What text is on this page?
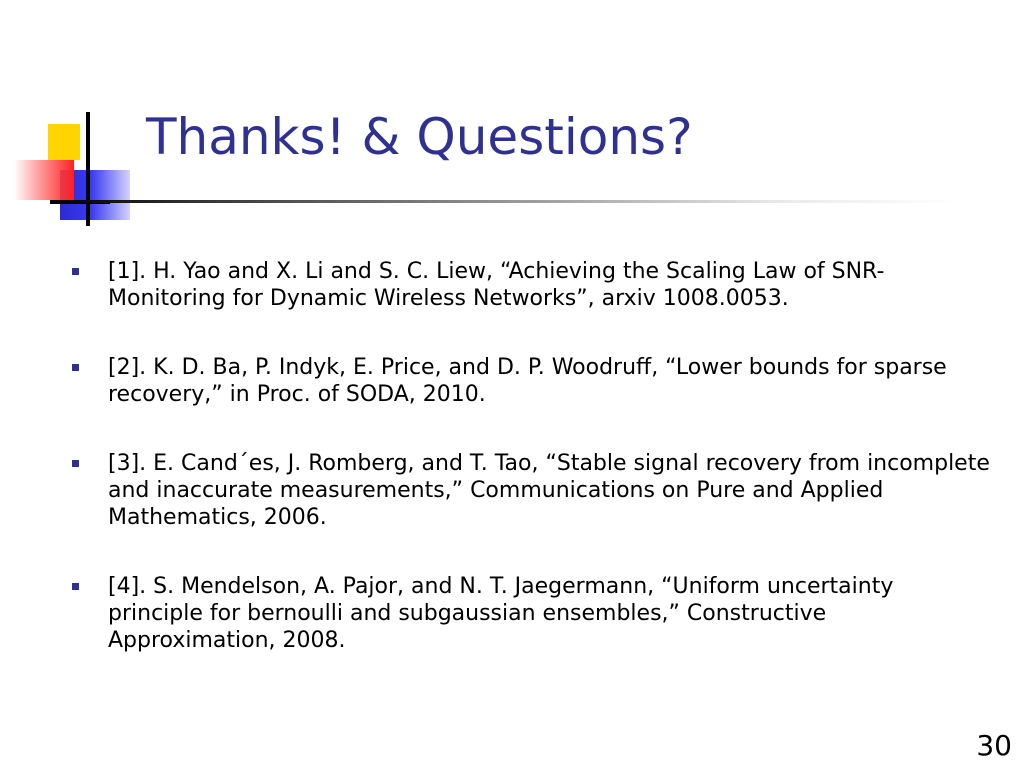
Thanks! & Questions?
[1]. H. Yao and X. Li and S. C. Liew, “Achieving the Scaling Law of SNR-Monitoring for Dynamic Wireless Networks”, arxiv 1008.0053.
[2]. K. D. Ba, P. Indyk, E. Price, and D. P. Woodruff, “Lower bounds for sparse recovery,” in Proc. of SODA, 2010.
[3]. E. Cand´es, J. Romberg, and T. Tao, “Stable signal recovery from incomplete and inaccurate measurements,” Communications on Pure and Applied Mathematics, 2006.
[4]. S. Mendelson, A. Pajor, and N. T. Jaegermann, “Uniform uncertainty principle for bernoulli and subgaussian ensembles,” Constructive Approximation, 2008.
30
